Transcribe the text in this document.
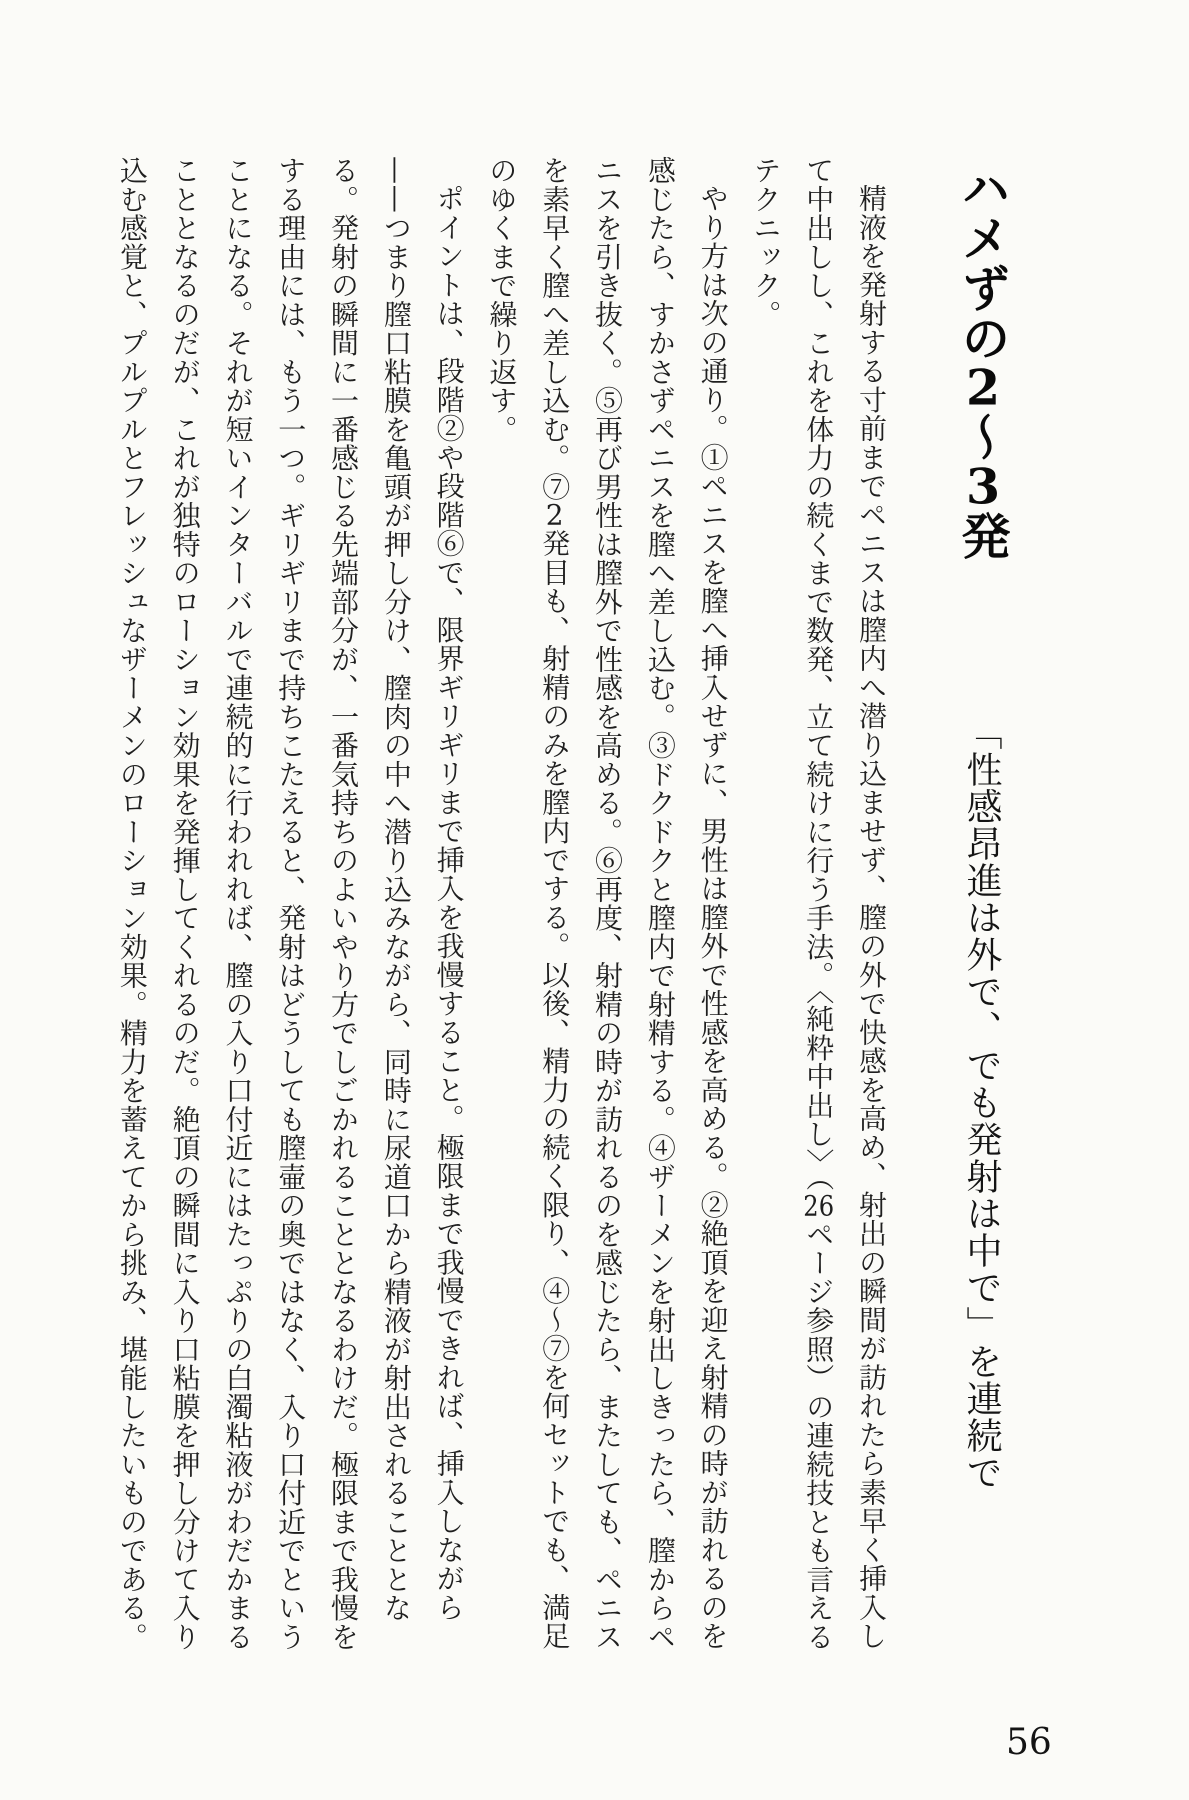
ハメずの2〜3発
「性感昂進は外で、でも発射は中で」を連続で

精液を発射する寸前までペニスは膣内へ潜り込ませず、膣の外で快感を高め、射出の瞬間が訪れたら素早く挿入して中出しし、これを体力の続くまで数発、立て続けに行う手法。〈純粋中出し〉（26ページ参照）の連続技とも言えるテクニック。

やり方は次の通り。①ペニスを膣へ挿入せずに、男性は膣外で性感を高める。②絶頂を迎え射精の時が訪れるのを感じたら、すかさずペニスを膣へ差し込む。③ドクドクと膣内で射精する。④ザーメンを射出しきったら、膣からペニスを引き抜く。⑤再び男性は膣外で性感を高める。⑥再度、射精の時が訪れるのを感じたら、またしても、ペニスを素早く膣へ差し込む。⑦2発目も、射精のみを膣内でする。以後、精力の続く限り、④〜⑦を何セットでも、満足のゆくまで繰り返す。

ポイントは、段階②や段階⑥で、限界ギリギリまで挿入を我慢すること。極限まで我慢できれば、挿入しながら——つまり膣口粘膜を亀頭が押し分け、膣肉の中へ潜り込みながら、同時に尿道口から精液が射出されることとなる。発射の瞬間に一番感じる先端部分が、一番気持ちのよいやり方でしごかれることとなるわけだ。極限まで我慢をする理由には、もう一つ。ギリギリまで持ちこたえると、発射はどうしても膣壷の奥ではなく、入り口付近でということになる。それが短いインターバルで連続的に行われれば、膣の入り口付近にはたっぷりの白濁粘液がわだかまることとなるのだが、これが独特のローション効果を発揮してくれるのだ。絶頂の瞬間に入り口粘膜を押し分けて入り込む感覚と、プルプルとフレッシュなザーメンのローション効果。精力を蓄えてから挑み、堪能したいものである。

56
